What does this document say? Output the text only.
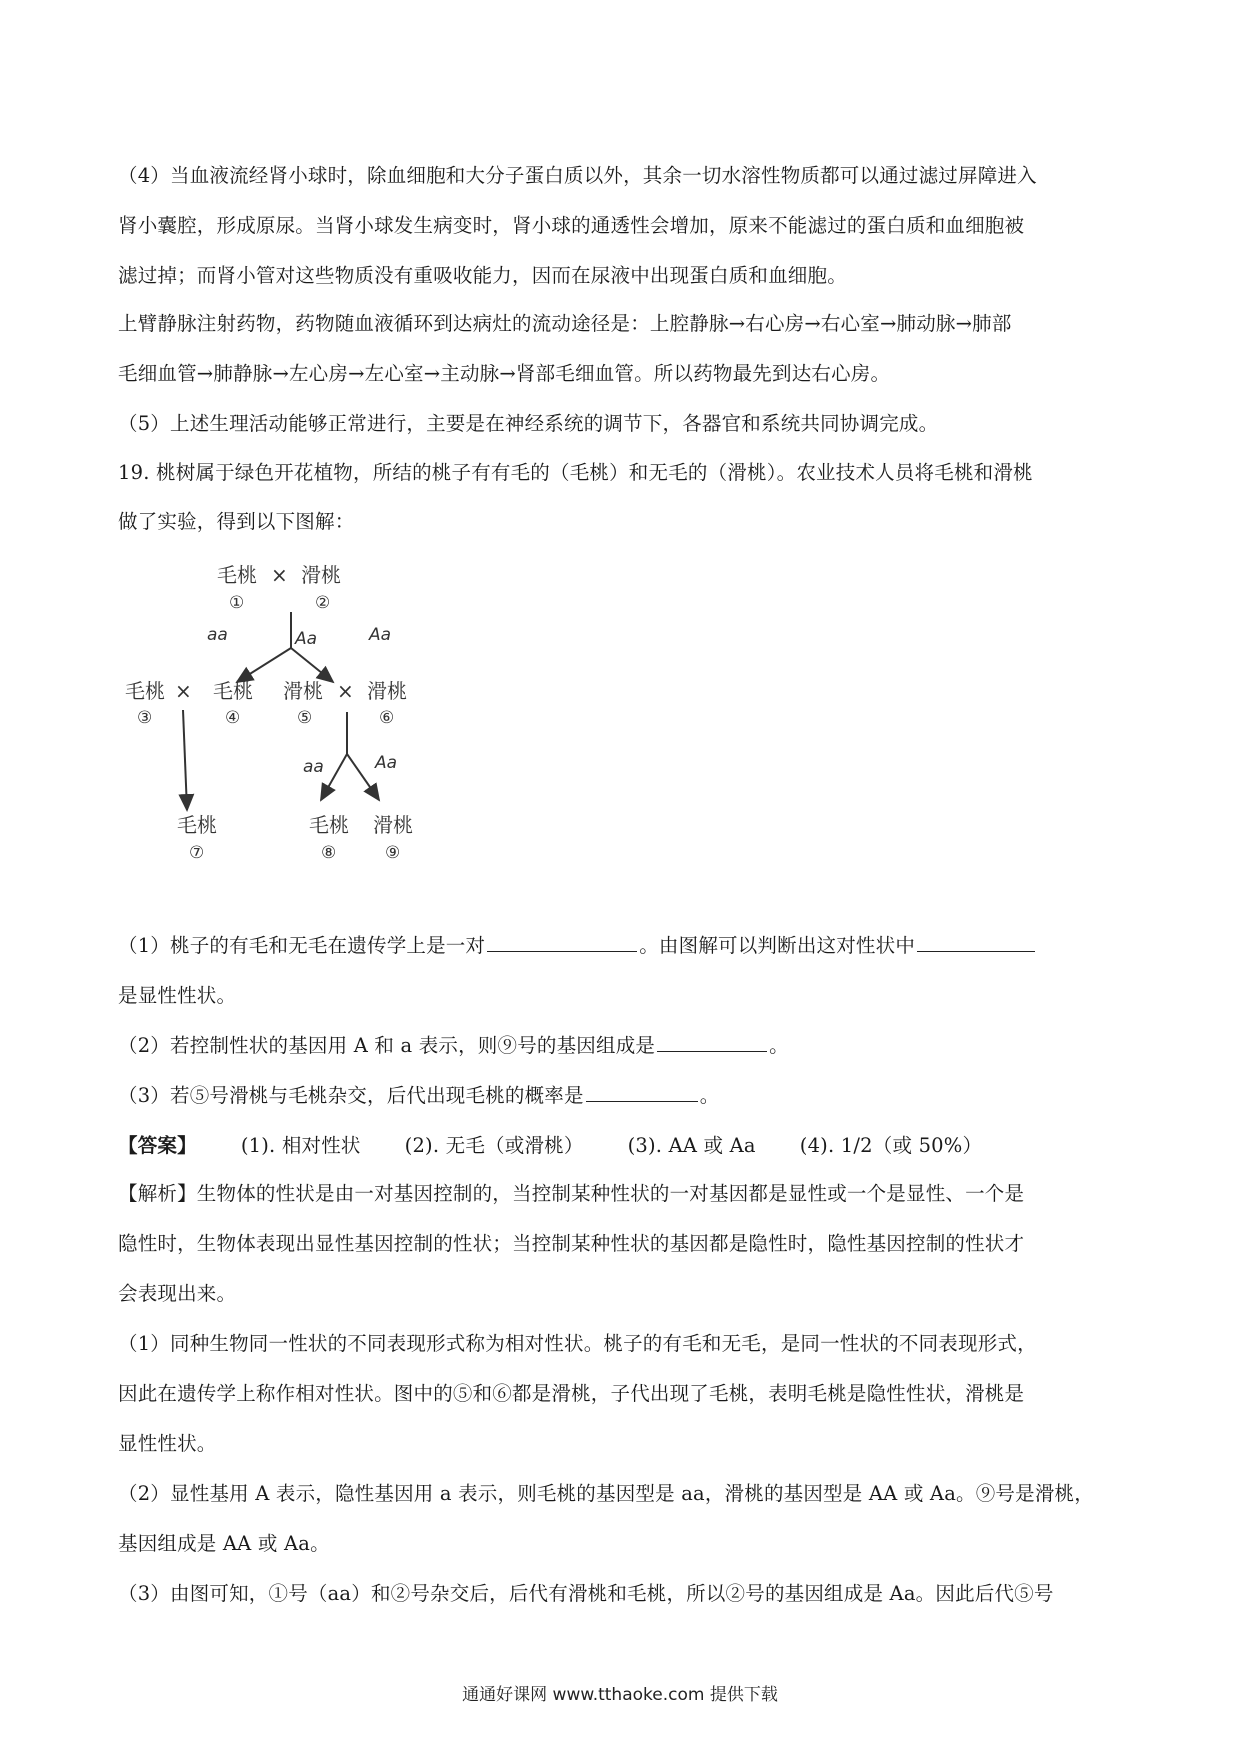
（4）当血液流经肾小球时，除血细胞和大分子蛋白质以外，其余一切水溶性物质都可以通过滤过屏障进入
肾小囊腔，形成原尿。当肾小球发生病变时，肾小球的通透性会增加，原来不能滤过的蛋白质和血细胞被
滤过掉；而肾小管对这些物质没有重吸收能力，因而在尿液中出现蛋白质和血细胞。
上臂静脉注射药物，药物随血液循环到达病灶的流动途径是：上腔静脉→右心房→右心室→肺动脉→肺部
毛细血管→肺静脉→左心房→左心室→主动脉→肾部毛细血管。所以药物最先到达右心房。
（5）上述生理活动能够正常进行，主要是在神经系统的调节下，各器官和系统共同协调完成。
19. 桃树属于绿色开花植物，所结的桃子有有毛的（毛桃）和无毛的（滑桃）。农业技术人员将毛桃和滑桃
做了实验，得到以下图解：
毛桃 × 滑桃
①	②
aa	Aa	Aa
毛桃 × 毛桃 滑桃 × 滑桃
③	④	⑤	⑥
aa	Aa
毛桃	毛桃 滑桃
⑦	⑧	⑨
（1）桃子的有毛和无毛在遗传学上是一对	。由图解可以判断出这对性状中
是显性性状。
（2）若控制性状的基因用 A 和 a 表示，则⑨号的基因组成是	。
（3）若⑤号滑桃与毛桃杂交，后代出现毛桃的概率是	。
【答案】 (1). 相对性状 (2). 无毛（或滑桃） (3). AA 或 Aa (4). 1/2（或 50%）
【解析】生物体的性状是由一对基因控制的，当控制某种性状的一对基因都是显性或一个是显性、一个是
隐性时，生物体表现出显性基因控制的性状；当控制某种性状的基因都是隐性时，隐性基因控制的性状才
会表现出来。
（1）同种生物同一性状的不同表现形式称为相对性状。桃子的有毛和无毛，是同一性状的不同表现形式，
因此在遗传学上称作相对性状。图中的⑤和⑥都是滑桃，子代出现了毛桃，表明毛桃是隐性性状，滑桃是
显性性状。
（2）显性基用 A 表示，隐性基因用 a 表示，则毛桃的基因型是 aa，滑桃的基因型是 AA 或 Aa。⑨号是滑桃，
基因组成是 AA 或 Aa。
（3）由图可知，①号（aa）和②号杂交后，后代有滑桃和毛桃，所以②号的基因组成是 Aa。因此后代⑤号
通通好课网 www.tthaoke.com 提供下载
